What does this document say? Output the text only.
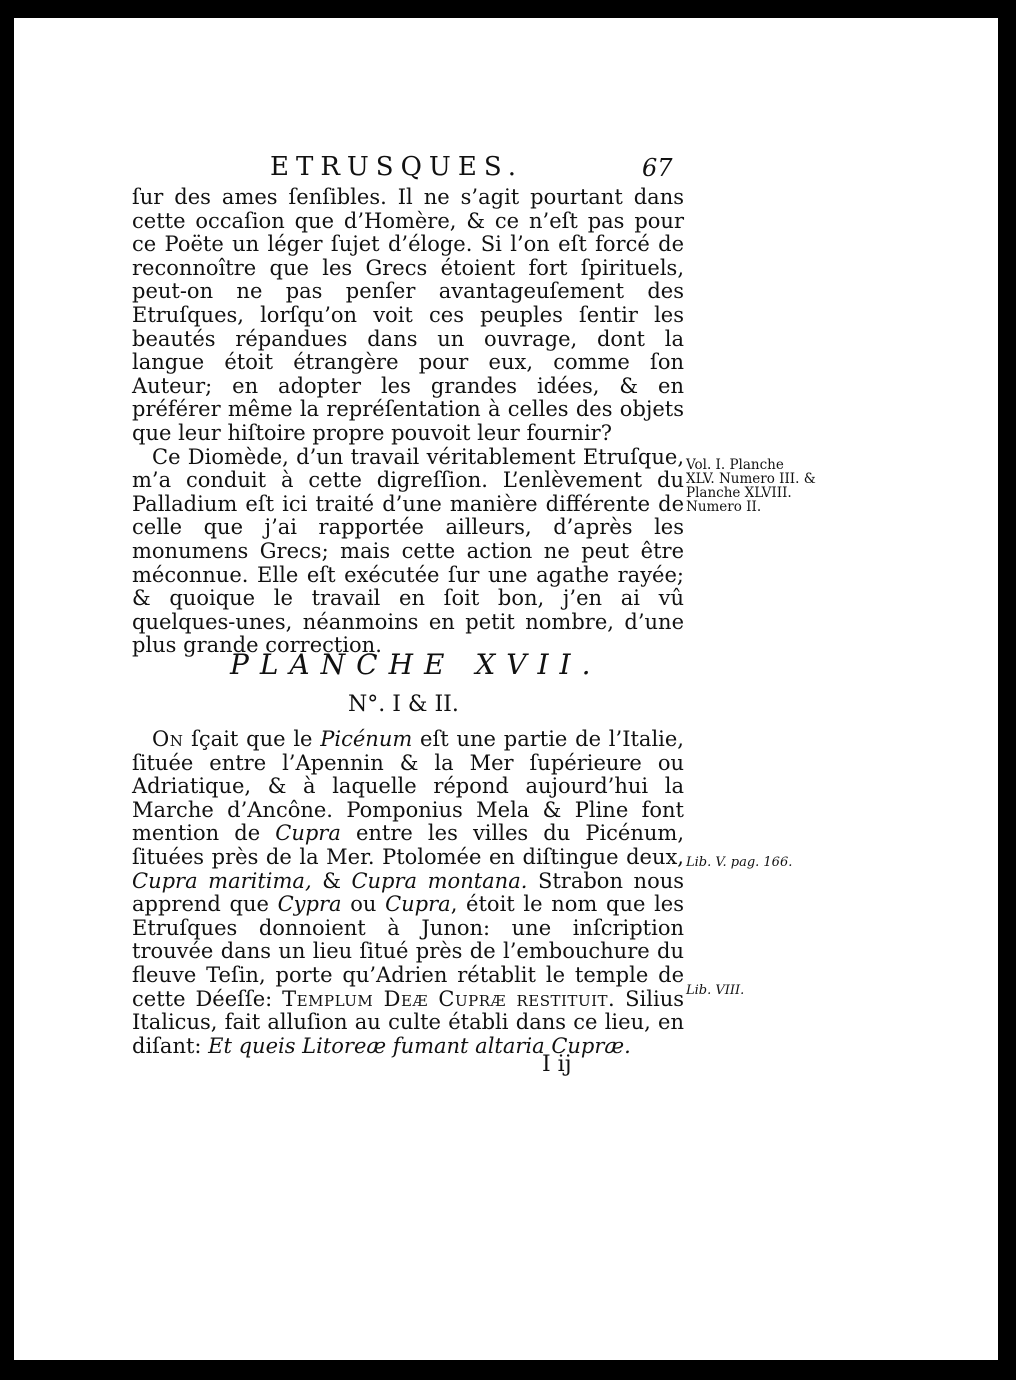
ETRUSQUES.	67

ſur des ames ſenſibles. Il ne s’agit pourtant dans cette occaſion que d’Homère, & ce n’eſt pas pour ce Poëte un léger ſujet d’éloge. Si l’on eſt forcé de reconnoître que les Grecs étoient fort ſpirituels, peut-on ne pas penſer avantageuſement des Etruſques, lorſqu’on voit ces peuples ſentir les beautés répandues dans un ouvrage, dont la langue étoit étrangère pour eux, comme ſon Auteur; en adopter les grandes idées, & en préférer même la repréſentation à celles des objets que leur hiſtoire propre pouvoit leur fournir?

Ce Diomède, d’un travail véritablement Etruſque, m’a conduit à cette digreſſion. L’enlèvement du Palladium eſt ici traité d’une manière différente de celle que j’ai rapportée ailleurs, d’après les monumens Grecs; mais cette action ne peut être méconnue. Elle eſt exécutée ſur une agathe rayée; & quoique le travail en ſoit bon, j’en ai vû quelques-unes, néanmoins en petit nombre, d’une plus grande correction.

Vol. I. Planche XLV. Numero III. & Planche XLVIII. Numero II.
PLANCHE XVII.
N°. I & II.

On ſçait que le Picénum eſt une partie de l’Italie, ſituée entre l’Apennin & la Mer ſupérieure ou Adriatique, & à laquelle répond aujourd’hui la Marche d’Ancône. Pomponius Mela & Pline font mention de Cupra entre les villes du Picénum, ſituées près de la Mer. Ptolomée en diſtingue deux, Cupra maritima, & Cupra montana. Strabon nous apprend que Cypra ou Cupra, étoit le nom que les Etruſques donnoient à Junon: une inſcription trouvée dans un lieu ſitué près de l’embouchure du fleuve Teſin, porte qu’Adrien rétablit le temple de cette Déeſſe: Templum Deæ Cupræ restituit. Silius Italicus, fait alluſion au culte établi dans ce lieu, en diſant: Et queis Litoreæ fumant altaria Cupræ.

Lib. V. pag. 166.
Lib. VIII.
I ij
